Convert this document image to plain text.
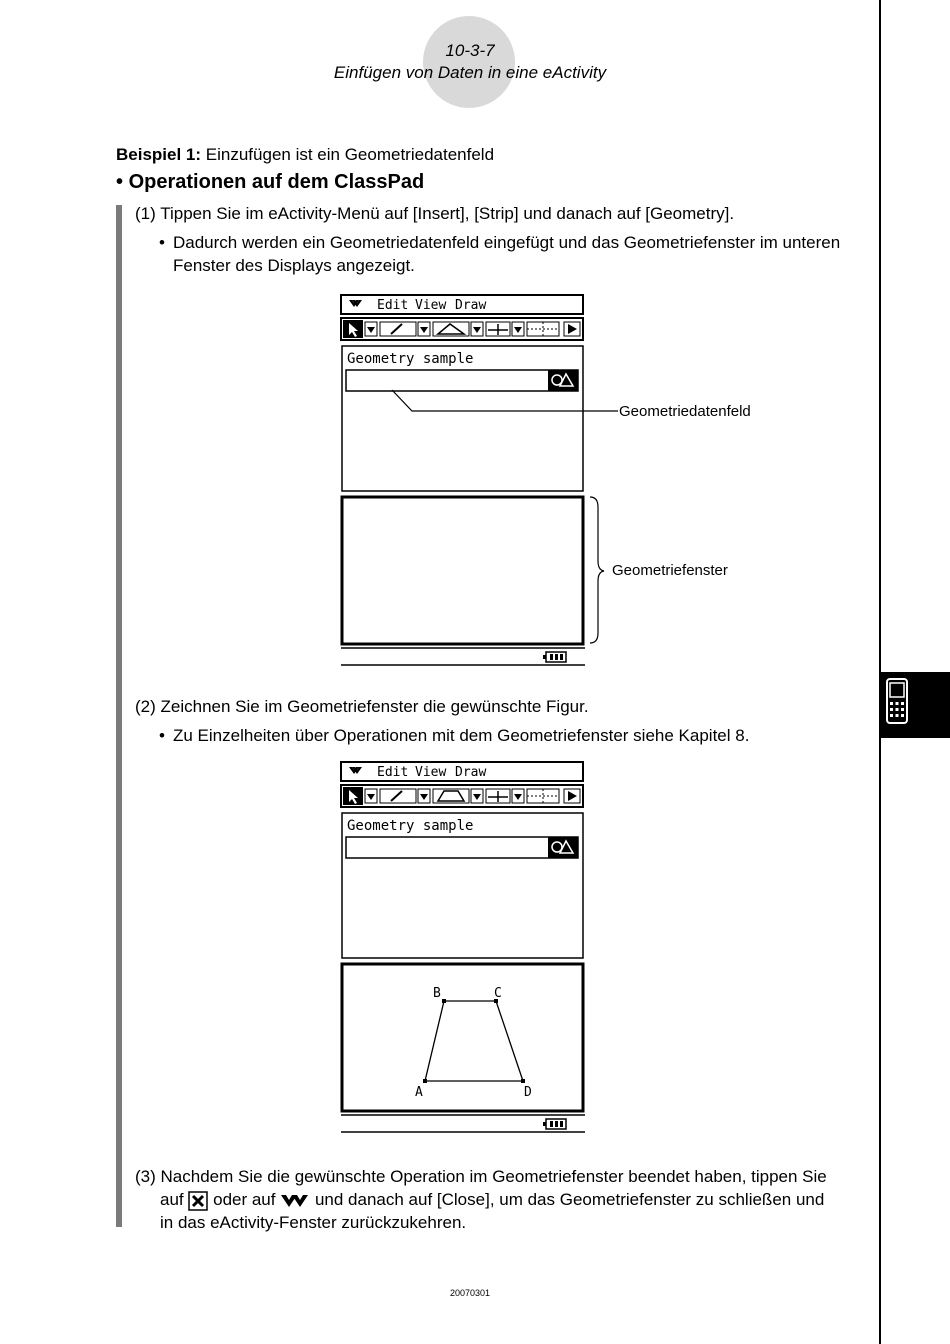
10-3-7
Einfügen von Daten in eine eActivity
Beispiel 1: Einzufügen ist ein Geometriedatenfeld
• Operationen auf dem ClassPad
(1) Tippen Sie im eActivity-Menü auf [Insert], [Strip] und danach auf [Geometry].
• Dadurch werden ein Geometriedatenfeld eingefügt und das Geometriefenster im unteren
Fenster des Displays angezeigt.
Edit View Draw
Geometry sample
Geometriedatenfeld
Geometriefenster
(2) Zeichnen Sie im Geometriefenster die gewünschte Figur.
• Zu Einzelheiten über Operationen mit dem Geometriefenster siehe Kapitel 8.
Edit View Draw
Geometry sample
B	C
A	D
(3) Nachdem Sie die gewünschte Operation im Geometriefenster beendet haben, tippen Sie
auf oder auf und danach auf [Close], um das Geometriefenster zu schließen und
in das eActivity-Fenster zurückzukehren.
20070301
